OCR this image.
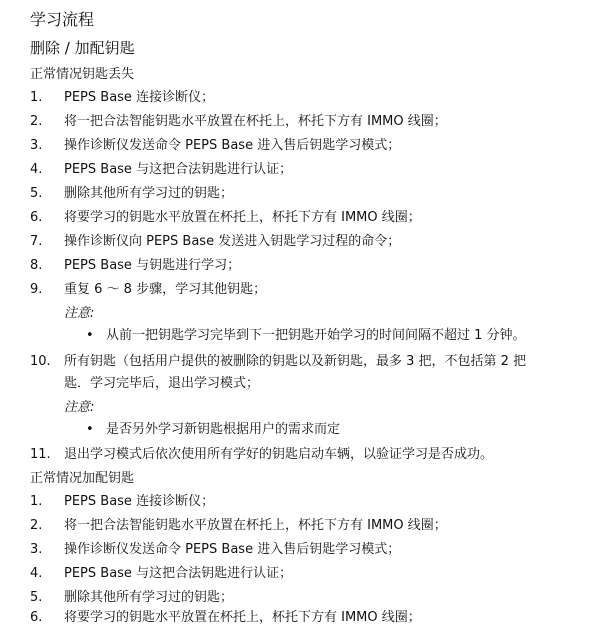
学习流程
删除 / 加配钥匙
正常情况钥匙丢失
1. PEPS Base 连接诊断仪；
2. 将一把合法智能钥匙水平放置在杯托上，杯托下方有 IMMO 线圈；
3. 操作诊断仪发送命令 PEPS Base 进入售后钥匙学习模式；
4. PEPS Base 与这把合法钥匙进行认证；
5. 删除其他所有学习过的钥匙；
6. 将要学习的钥匙水平放置在杯托上，杯托下方有 IMMO 线圈；
7. 操作诊断仪向 PEPS Base 发送进入钥匙学习过程的命令；
8. PEPS Base 与钥匙进行学习；
9. 重复 6 ～ 8 步骤，学习其他钥匙；
注意:
• 从前一把钥匙学习完毕到下一把钥匙开始学习的时间间隔不超过 1 分钟。
10. 所有钥匙（包括用户提供的被删除的钥匙以及新钥匙，最多 3 把，不包括第 2 把
匙．学习完毕后，退出学习模式；
注意:
• 是否另外学习新钥匙根据用户的需求而定
11. 退出学习模式后依次使用所有学好的钥匙启动车辆，以验证学习是否成功。
正常情况加配钥匙
1. PEPS Base 连接诊断仪；
2. 将一把合法智能钥匙水平放置在杯托上，杯托下方有 IMMO 线圈；
3. 操作诊断仪发送命令 PEPS Base 进入售后钥匙学习模式；
4. PEPS Base 与这把合法钥匙进行认证；
5. 删除其他所有学习过的钥匙；
6. 将要学习的钥匙水平放置在杯托上，杯托下方有 IMMO 线圈；
